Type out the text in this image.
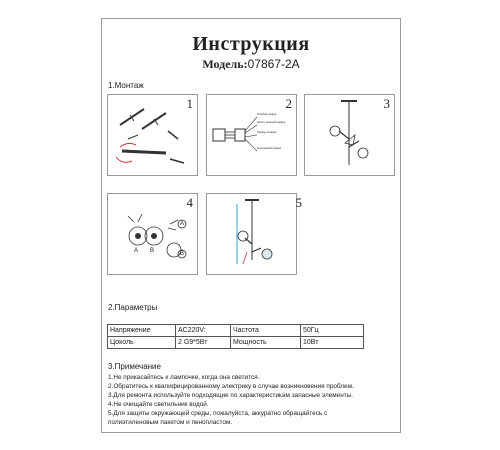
Инструкция
Модель:07867-2A
1.Монтаж
1	2
Голубой провод
Желто-зеленый провод
Провод питания
Коричневый провод
3
4
A B
A
B
5
2.Параметры
Напряжение	AC220V:	Частота	50Гц
Цоколь	2 G9*5Вт	Мощность	10Вт
3.Примечание
1.Не прикасайтесь к лампочке, когда она светится.
2.Обратитесь к квалифицированному электрику в случае возникновения проблем.
3.Для ремонта используйте подходящие по характеристикам запасные элементы.
4.Не очищайте светильник водой.
5.Для защиты окружающей среды, пожалуйста, аккуратно обращайтесь с
полиэтиленовым пакетом и пенопластом.
